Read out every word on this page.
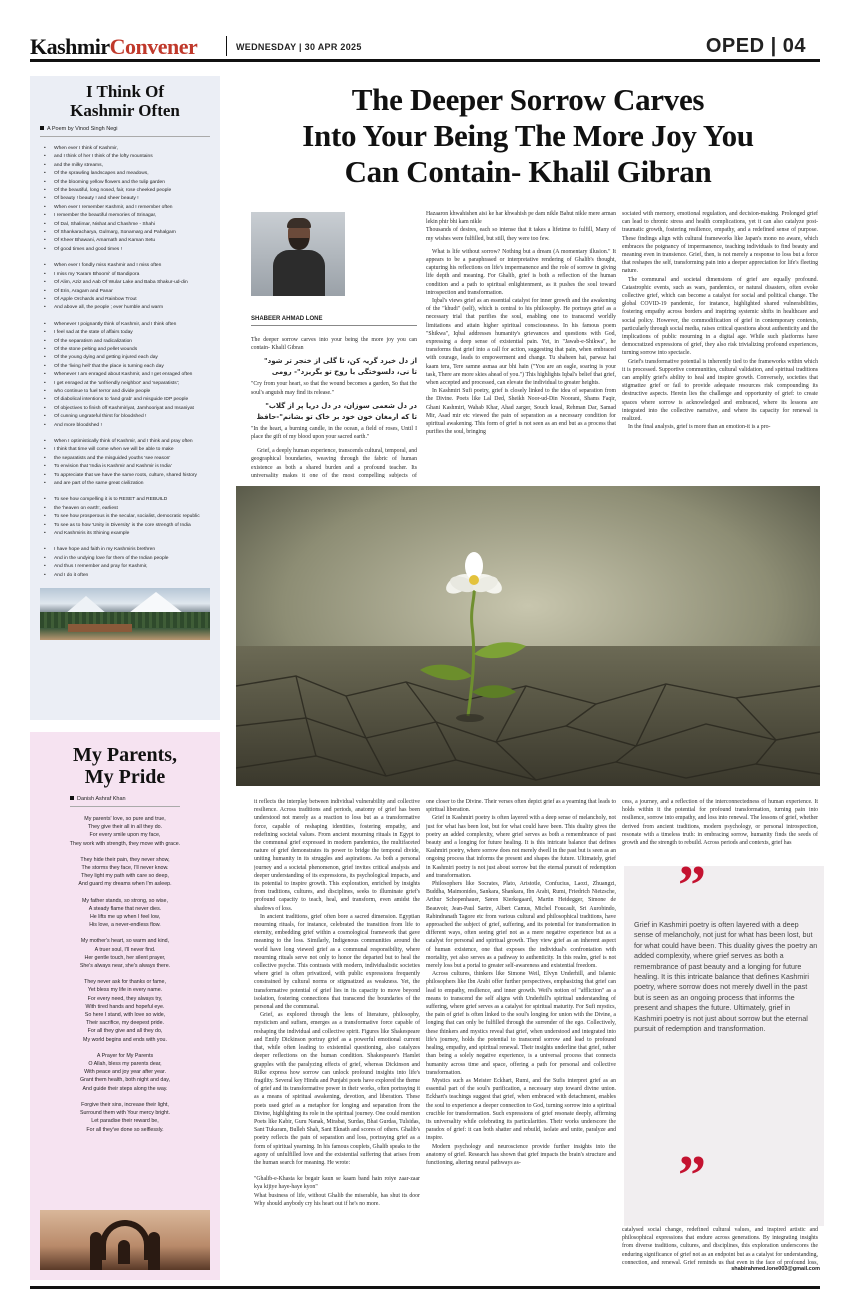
KashmirConvener	WEDNESDAY | 30 APR 2025	OPED | 04
I Think Of
Kashmir Often
A Poem by Vinod Singh Negi
• When ever I think of Kashmir,
• and I think of her I think of the lofty mountains
• and the milky streams,
• Of the sprawling landscapes and meadows,
• Of the blooming yellow flowers and the tulip garden
• Of the beautiful, long nosed, fair, rose cheeked people
• Of beauty ! beauty ! and sheer beauty !
• When ever I remember Kashmir, and I remember often
• I remember the beautiful memories of Srinagar,
• Of Dal, Shalimar, Nishat and Chashme - Shahi
• Of Shankaracharya, Gulmarg, Sonamarg and Pahalgam
• Of Kheer Bhawani, Amarnath and Kaman Setu
• Of good times and good times !
• When ever I fondly miss Kashmir and I miss often
• I miss my 'Karam Bhoomi' of Bandipora
• Of Alim, Aziz and Aab Of Wular Lake and Baba Shakur-ud-din
• Of Erin, Aragam and Panar
• Of Apple Orchards and Rainbow Trout
• And above all, the people ; ever humble and warm
• Whenever I poignantly think of Kashmir, and I think often
• I feel sad at the state of affairs today
• Of the separatism and radicalization
• Of the stone pelting and pellet wounds
• Of the young dying and getting injured each day
• Of the 'living hell' that the place is turning each day
• Whenever I am enraged about Kashmir, and I get enraged often
• I get enraged at the 'unfriendly neighbor' and 'separatists';
• who continue to fuel terror and divide people
• Of diabolical intentions to 'land grab' and misguide IDP people
• Of objectives to finish off Kashmiriyat, Jamhooriyat and Insaniyat
• Of cunning ungrateful thirst for bloodshed !
• And more bloodshed !
• When I optimistically think of Kashmir, and I think and pray often
• I think that time will come when we will be able to make
• the separatists and the misguided youths 'see reason'
• To envision that 'India is Kashmir and Kashmir is India'
• To appreciate that we have the same roots, culture, shared history
• and are part of the same great civilization
• To see how compelling it is to RESET and REBUILD
• the 'heaven on earth', earliest
• To see how prosperous is the secular, socialist, democratic republic
• To see as to how 'Unity in Diversity' is the core strength of India
• And Kashmiris its Shining example
• I have hope and faith in my Kashmiris brethren
• And in the undying love for them of the Indian people
• And thus I remember and pray for Kashmir,
• And I do it often
My Parents,
My Pride
Danish Ashraf Khan

My parents' love, so pure and true,

They give their all in all they do.

For every smile upon my face,

They work with strength, they move with grace.

They hide their pain, they never show,

The storms they face, I'll never know.

They light my path with care so deep,

And guard my dreams when I'm asleep.

My father stands, so strong, so wise,

A steady flame that never dies.

He lifts me up when I feel low,

His love, a never-endless flow.

My mother's heart, so warm and kind,

A truer soul, I'll never find.

Her gentle touch, her silent prayer,

She's always near, she's always there.

They never ask for thanks or fame,

Yet bless my life in every name.

For every need, they always try,

With tired hands and hopeful eye.

So here I stand, with love so wide,

Their sacrifice, my deepest pride.

For all they give and all they do,

My world begins and ends with you.

A Prayer for My Parents

O Allah, bless my parents dear,

With peace and joy year after year.

Grant them health, both night and day,

And guide their steps along the way.

Forgive their sins, increase their light,

Surround them with Your mercy bright.

Let paradise their reward be,

For all they've done so selflessly.

The Deeper Sorrow Carves
Into Your Being The More Joy You
Can Contain- Khalil Gibran
SHABEER AHMAD LONE

The deeper sorrow carves into your being the more joy you can contain- Khalil Gibran

از دل خیزد گریہ کن، تا گلی از خنجر تر شود"
تا نی، دلسوختگی با روح تو بگریزد"- رومی

"Cry from your heart, so that the wound becomes a garden, So that the soul's anguish may find its release."

در دل شعمی سوزان، در دل دریا پر از گلاب"
تا که ارمغان خون خود بر خاک تو بشانم"-حافظ

"In the heart, a burning candle, in the ocean, a field of roses, Until I place the gift of my blood upon your sacred earth."

Grief, a deeply human experience, transcends cultural, temporal, and geographical boundaries, weaving through the fabric of human existence as both a shared burden and a profound teacher. Its universality makes it one of the most compelling subjects of

Hazaaron khwahishen aisi ke har khwahish pe dam nikle Bahut nikle mere arman lekin phir bhi kam nikle

Thousands of desires, each so intense that it takes a lifetime to fulfill, Many of my wishes were fulfilled, but still, they were too few.

What is life without sorrow? Nothing but a dream (A momentary illusion." It appears to be a paraphrased or interpretative rendering of Ghalib's thought, capturing his reflections on life's impermanence and the role of sorrow in giving life depth and meaning. For Ghalib, grief is both a reflection of the human condition and a path to spiritual enlightenment, as it pushes the soul toward introspection and transformation.

Iqbal's views grief as an essential catalyst for inner growth and the awakening of the "khudi" (self), which is central to his philosophy. He portrays grief as a necessary trial that purifies the soul, enabling one to transcend worldly limitations and attain higher spiritual consciousness. In his famous poem "Shikwa", Iqbal addresses humanity's grievances and questions with God, expressing a deep sense of existential pain. Yet, in "Jawab-e-Shikwa", he transforms that grief into a call for action, suggesting that pain, when embraced with courage, leads to empowerment and change. Tu shaheen hai, parwaz hai kaam tera, Tere samne asmaa aur bhi hain ("You are an eagle, soaring is your task, There are more skies ahead of you.") This highlights Iqbal's belief that grief, when accepted and processed, can elevate the individual to greater heights.

In Kashmiri Sufi poetry, grief is closely linked to the idea of separation from the Divine. Poets like Lal Ded, Sheikh Noor-ud-Din Noorani, Shams Faqir, Ghani Kashmiri, Wahab Khar, Ahad zarger, Souch kraal, Rehman Dar, Samad Mir, Asad mir etc viewed the pain of separation as a necessary condition for spiritual awakening. This form of grief is not seen as an end but as a process that purifies the soul, bringing

sociated with memory, emotional regulation, and decision-making. Prolonged grief can lead to chronic stress and health complications, yet it can also catalyze post-traumatic growth, fostering resilience, empathy, and a redefined sense of purpose. These findings align with cultural frameworks like Japan's mono no aware, which embraces the poignancy of impermanence, teaching individuals to find beauty and meaning even in transience. Grief, then, is not merely a response to loss but a force that reshapes the self, transforming pain into a deeper appreciation for life's fleeting nature.

The communal and societal dimensions of grief are equally profound. Catastrophic events, such as wars, pandemics, or natural disasters, often evoke collective grief, which can become a catalyst for social and political change. The global COVID-19 pandemic, for instance, highlighted shared vulnerabilities, fostering empathy across borders and inspiring systemic shifts in healthcare and social policy. However, the commodification of grief in contemporary contexts, particularly through social media, raises critical questions about authenticity and the implications of public mourning in a digital age. While such platforms have democratized expressions of grief, they also risk trivializing profound experiences, turning sorrow into spectacle.

Grief's transformative potential is inherently tied to the frameworks within which it is processed. Supportive communities, cultural validation, and spiritual traditions can amplify grief's ability to heal and inspire growth. Conversely, societies that stigmatize grief or fail to provide adequate resources risk compounding its destructive aspects. Herein lies the challenge and opportunity of grief: to create spaces where sorrow is acknowledged and embraced, where its lessons are integrated into the collective narrative, and where its capacity for renewal is realized.

In the final analysis, grief is more than an emotion-it is a pro-

it reflects the interplay between individual vulnerability and collective resilience. Across traditions and periods, anatomy of grief has been understood not merely as a reaction to loss but as a transformative force, capable of reshaping identities, fostering empathy, and redefining societal values. From ancient mourning rituals in Egypt to the communal grief expressed in modern pandemics, the multifaceted nature of grief demonstrates its power to bridge the temporal divide, uniting humanity in its struggles and aspirations. As both a personal journey and a societal phenomenon, grief invites critical analysis and deeper understanding of its expressions, its psychological impacts, and its potential to inspire growth. This exploration, enriched by insights from traditions, cultures, and disciplines, seeks to illuminate grief's profound capacity to teach, heal, and transform, even amidst the shadows of loss.

In ancient traditions, grief often bore a sacred dimension. Egyptian mourning rituals, for instance, celebrated the transition from life to eternity, embedding grief within a cosmological framework that gave meaning to the loss. Similarly, Indigenous communities around the world have long viewed grief as a communal responsibility, where mourning rituals serve not only to honor the departed but to heal the collective psyche. This contrasts with modern, individualistic societies where grief is often privatized, with public expressions frequently constrained by cultural norms or stigmatized as weakness. Yet, the transformative potential of grief lies in its capacity to move beyond isolation, fostering connections that transcend the boundaries of the personal and the communal.

Grief, as explored through the lens of literature, philosophy, mysticism and sufism, emerges as a transformative force capable of reshaping the individual and collective spirit. Figures like Shakespeare and Emily Dickinson portray grief as a powerful emotional current that, while often leading to existential questioning, also catalyzes deeper reflections on the human condition. Shakespeare's Hamlet grapples with the paralyzing effects of grief, whereas Dickinson and Rilke express how sorrow can unlock profound insights into life's fragility. Several key Hindu and Punjabi poets have explored the theme of grief and its transformative power in their works, often portraying it as a means of spiritual awakening, devotion, and liberation. These poets used grief as a metaphor for longing and separation from the Divine, highlighting its role in the spiritual journey. One could mention Poets like Kabir, Guru Nanak, Mirabai, Surdas, Bhai Gurdas, Tulsidas, Sant Tukaram, Bulleh Shah, Sant Eknath and scores of others. Ghalib's poetry reflects the pain of separation and loss, portraying grief as a form of spiritual yearning. In his famous couplets, Ghalib speaks to the agony of unfulfilled love and the existential suffering that arises from the human search for meaning. He wrote:

"Ghalib-e-Khasta ke begair kaun se kaam band hain roiye zaar-zaar kya kijiye haye-haye kyon"

What business of life, without Ghalib the miserable, has shut its door Why should anybody cry his heart out if he's no more.

one closer to the Divine. Their verses often depict grief as a yearning that leads to spiritual liberation.

Grief in Kashmiri poetry is often layered with a deep sense of melancholy, not just for what has been lost, but for what could have been. This duality gives the poetry an added complexity, where grief serves as both a remembrance of past beauty and a longing for future healing. It is this intricate balance that defines Kashmiri poetry, where sorrow does not merely dwell in the past but is seen as an ongoing process that informs the present and shapes the future. Ultimately, grief in Kashmiri poetry is not just about sorrow but the eternal pursuit of redemption and transformation.

Philosophers like Socrates, Plato, Aristotle, Confucius, Laozi, Zhuangzi, Buddha, Maimonides, Sankara, Shankara, Ibn Arabi, Rumi, Friedrich Nietzsche, Arthur Schopenhauer, Søren Kierkegaard, Martin Heidegger, Simone de Beauvoir, Jean-Paul Sartre, Albert Camus, Michel Foucault, Sri Aurobindo, Rabindranath Tagore etc from various cultural and philosophical traditions, have approached the subject of grief, suffering, and its potential for transformation in different ways, often seeing grief not as a mere negative experience but as a catalyst for personal and spiritual growth. They view grief as an inherent aspect of human existence, one that exposes the individual's confrontation with mortality, yet also serves as a pathway to authenticity. In this realm, grief is not merely loss but a portal to greater self-awareness and existential freedom.

Across cultures, thinkers like Simone Weil, Elvyn Underhill, and Islamic philosophers like Ibn Arabi offer further perspectives, emphasizing that grief can lead to empathy, resilience, and inner growth. Weil's notion of "affliction" as a means to transcend the self aligns with Underhill's spiritual understanding of suffering, where grief serves as a catalyst for spiritual maturity. For Sufi mystics, the pain of grief is often linked to the soul's longing for union with the Divine, a longing that can only be fulfilled through the surrender of the ego. Collectively, these thinkers and mystics reveal that grief, when understood and integrated into life's journey, holds the potential to transcend sorrow and lead to profound healing, empathy, and spiritual renewal. Their insights underline that grief, rather than being a solely negative experience, is a universal process that connects humanity across time and space, offering a path for personal and collective transformation.

Mystics such as Meister Eckhart, Rumi, and the Sufis interpret grief as an essential part of the soul's purification, a necessary step toward divine union. Eckhart's teachings suggest that grief, when embraced with detachment, enables the soul to experience a deeper connection to God, turning sorrow into a spiritual crucible for transformation. Such expressions of grief resonate deeply, affirming its universality while celebrating its particularities. Their works underscore the paradox of grief: it can both shatter and rebuild, isolate and unite, paralyze and inspire.

Modern psychology and neuroscience provide further insights into the anatomy of grief. Research has shown that grief impacts the brain's structure and functioning, altering neural pathways as-

cess, a journey, and a reflection of the interconnectedness of human experience. It holds within it the potential for profound transformation, turning pain into resilience, sorrow into empathy, and loss into renewal. The lessons of grief, whether derived from ancient traditions, modern psychology, or personal introspection, resonate with a timeless truth: in embracing sorrow, humanity finds the seeds of growth and the strength to rebuild. Across periods and contexts, grief has

”
Grief in Kashmiri poetry is often layered with a deep sense of melancholy, not just for what has been lost, but for what could have been. This duality gives the poetry an added complexity, where grief serves as both a remembrance of past beauty and a longing for future healing. It is this intricate balance that defines Kashmiri poetry, where sorrow does not merely dwell in the past but is seen as an ongoing process that informs the present and shapes the future. Ultimately, grief in Kashmiri poetry is not just about sorrow but the eternal pursuit of redemption and transformation.
”

catalysed social change, redefined cultural values, and inspired artistic and philosophical expressions that endure across generations. By integrating insights from diverse traditions, cultures, and disciplines, this exploration underscores the enduring significance of grief not as an endpoint but as a catalyst for understanding, connection, and renewal. Grief reminds us that even in the face of profound loss,

shabirahmed.lone003@gmail.com
